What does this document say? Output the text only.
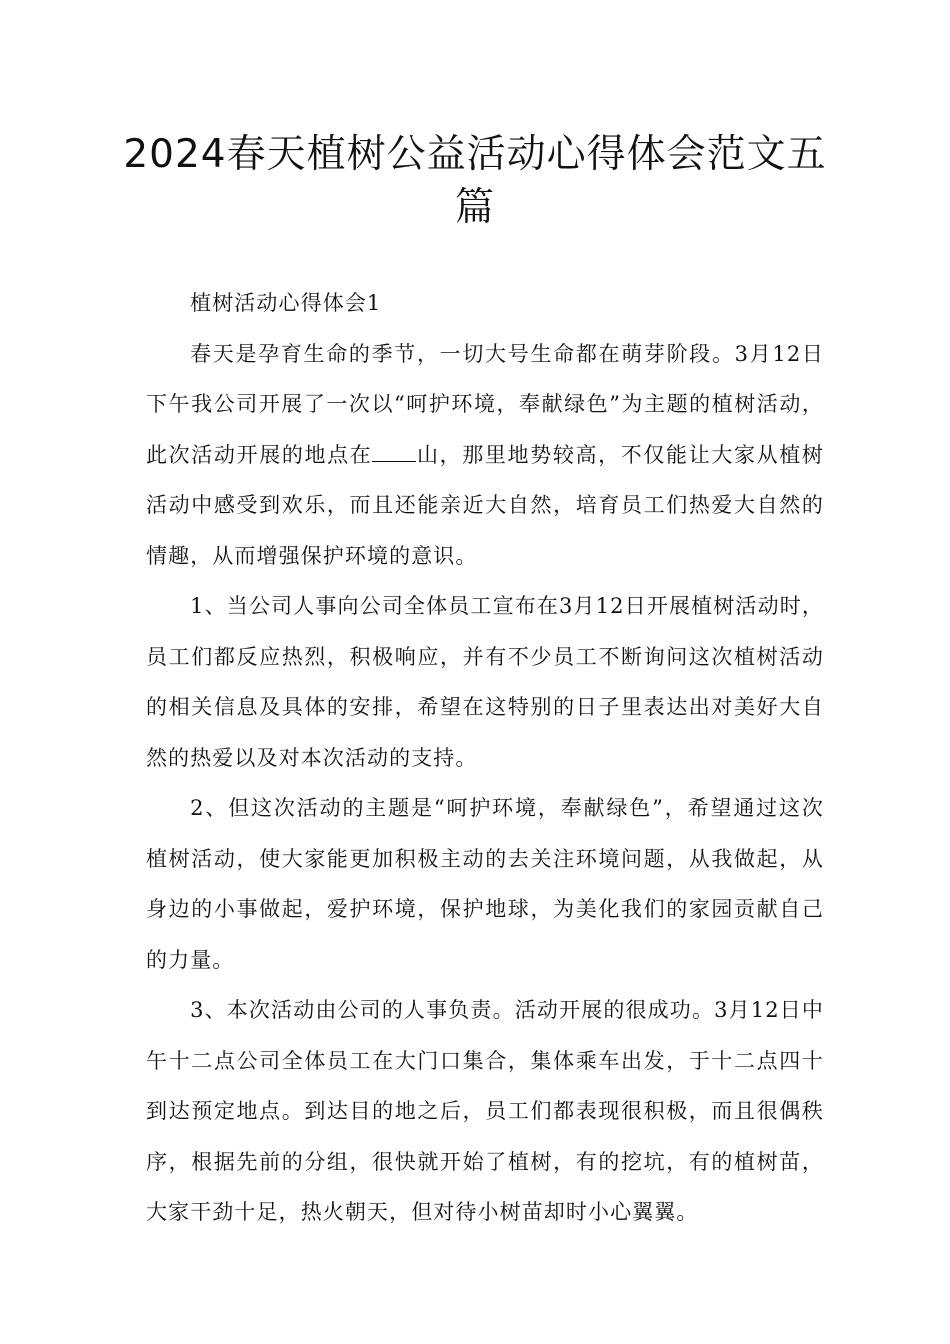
2024春天植树公益活动心得体会范文五篇

植树活动心得体会1

春天是孕育生命的季节，一切大号生命都在萌芽阶段。3月12日下午我公司开展了一次以“呵护环境，奉献绿色”为主题的植树活动，此次活动开展的地点在 山，那里地势较高，不仅能让大家从植树活动中感受到欢乐，而且还能亲近大自然，培育员工们热爱大自然的情趣，从而增强保护环境的意识。

1、当公司人事向公司全体员工宣布在3月12日开展植树活动时，员工们都反应热烈，积极响应，并有不少员工不断询问这次植树活动的相关信息及具体的安排，希望在这特别的日子里表达出对美好大自然的热爱以及对本次活动的支持。

2、但这次活动的主题是“呵护环境，奉献绿色”，希望通过这次植树活动，使大家能更加积极主动的去关注环境问题，从我做起，从身边的小事做起，爱护环境，保护地球，为美化我们的家园贡献自己的力量。

3、本次活动由公司的人事负责。活动开展的很成功。3月12日中午十二点公司全体员工在大门口集合，集体乘车出发，于十二点四十到达预定地点。到达目的地之后，员工们都表现很积极，而且很偶秩序，根据先前的分组，很快就开始了植树，有的挖坑，有的植树苗，大家干劲十足，热火朝天，但对待小树苗却时小心翼翼。
